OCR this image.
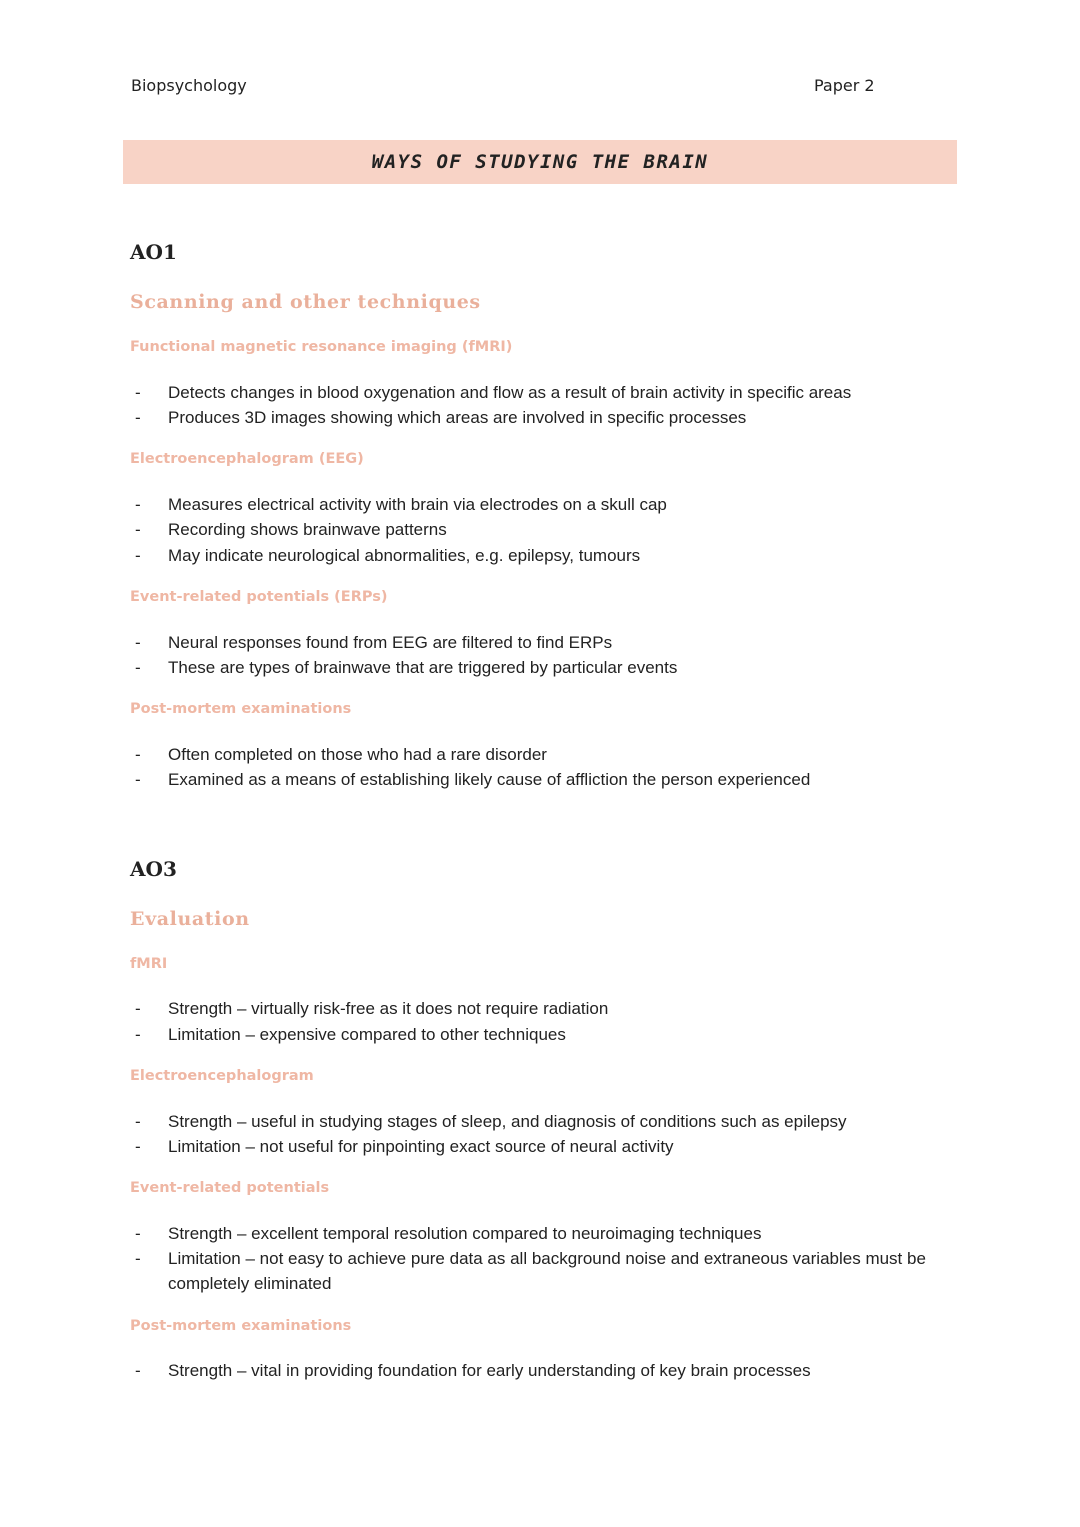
Biopsychology	Paper 2
WAYS OF STUDYING THE BRAIN
AO1
Scanning and other techniques
Functional magnetic resonance imaging (fMRI)
- Detects changes in blood oxygenation and flow as a result of brain activity in specific areas
- Produces 3D images showing which areas are involved in specific processes
Electroencephalogram (EEG)
- Measures electrical activity with brain via electrodes on a skull cap
- Recording shows brainwave patterns
- May indicate neurological abnormalities, e.g. epilepsy, tumours
Event-related potentials (ERPs)
- Neural responses found from EEG are filtered to find ERPs
- These are types of brainwave that are triggered by particular events
Post-mortem examinations
- Often completed on those who had a rare disorder
- Examined as a means of establishing likely cause of affliction the person experienced
AO3
Evaluation
fMRI
- Strength – virtually risk-free as it does not require radiation
- Limitation – expensive compared to other techniques
Electroencephalogram
- Strength – useful in studying stages of sleep, and diagnosis of conditions such as epilepsy
- Limitation – not useful for pinpointing exact source of neural activity
Event-related potentials
- Strength – excellent temporal resolution compared to neuroimaging techniques
- Limitation – not easy to achieve pure data as all background noise and extraneous variables must be completely eliminated
Post-mortem examinations
- Strength – vital in providing foundation for early understanding of key brain processes
